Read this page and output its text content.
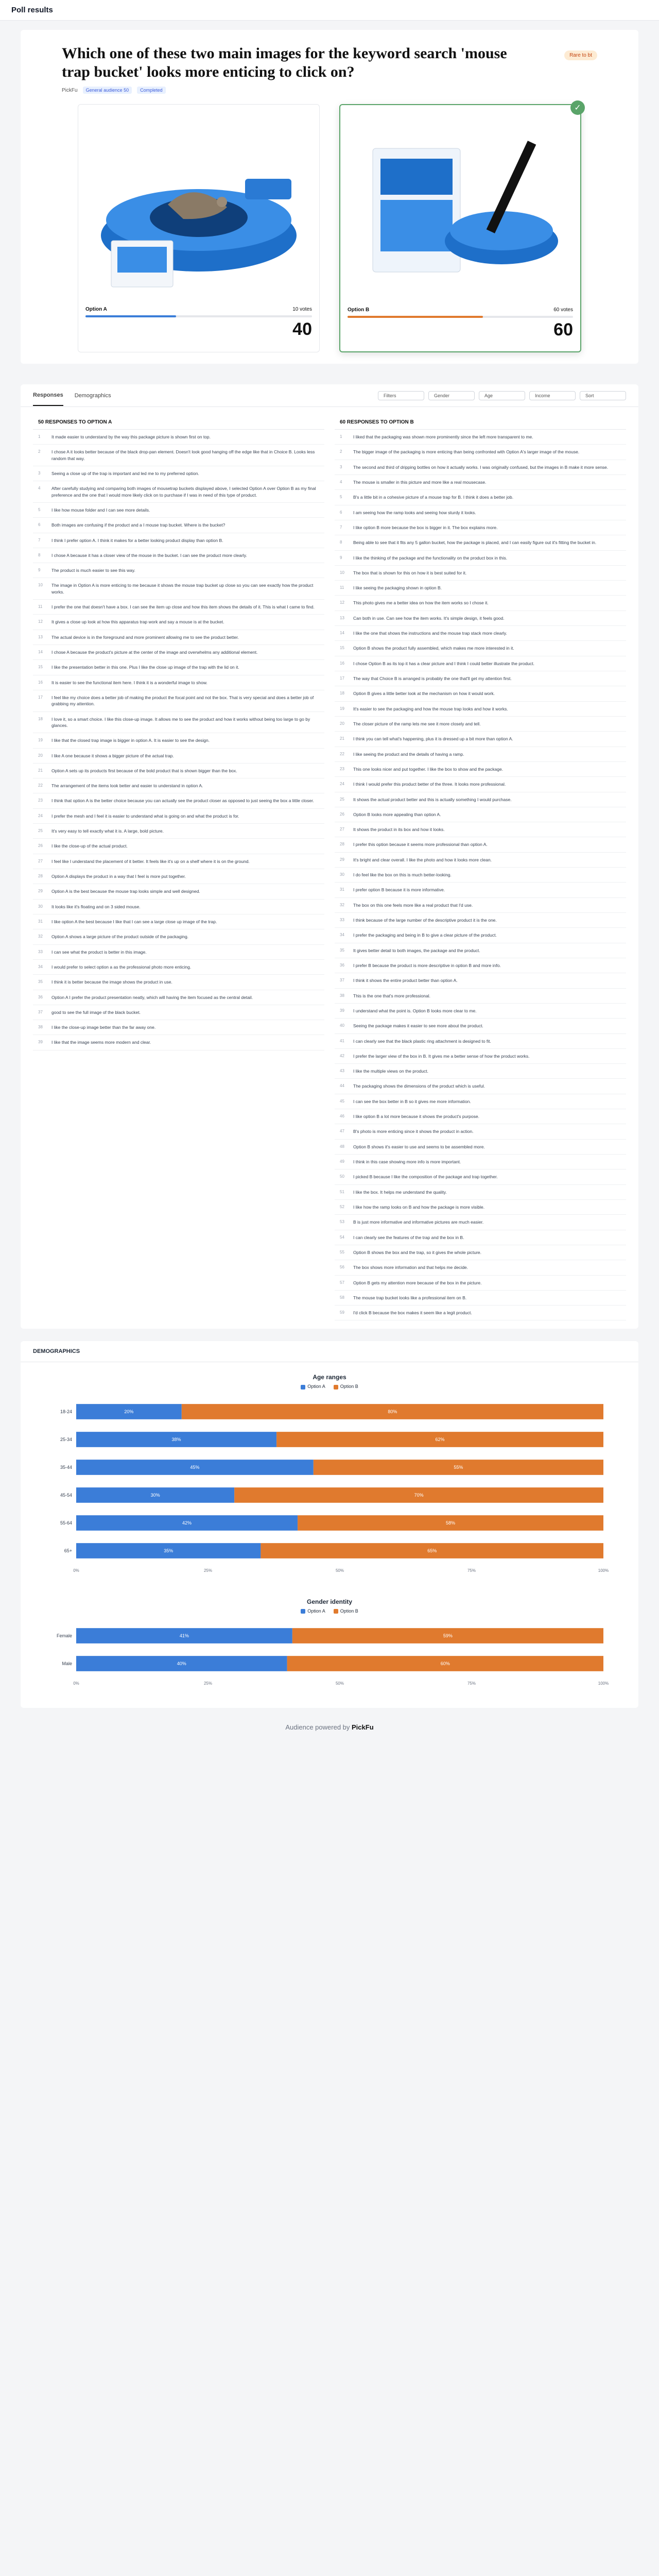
Poll results
Which one of these two main images for the keyword search 'mouse trap bucket' looks more enticing to click on?
Rare to bt
PickFu	General audience 50	Completed
Option A	10 votes
40
✓
Option B	60 votes
60
Responses Demographics	Filters	Gender	Age	Income	Sort
50 RESPONSES TO OPTION A
1	It made easier to understand by the way this package picture is shown first on top.
2	I chose A it looks better because of the black drop-pan element. Doesn't look good hanging off the edge like that in Choice B. Looks less random that way.
3	Seeing a close up of the trap is important and led me to my preferred option.
4	After carefully studying and comparing both images of mousetrap buckets displayed above, I selected Option A over Option B as my final preference and the one that I would more likely click on to purchase if I was in need of this type of product.
5	I like how mouse folder and I can see more details.
6	Both images are confusing if the product and a I mouse trap bucket. Where is the bucket?
7	I think I prefer option A. I think it makes for a better looking product display than option B.
8	I chose A because it has a closer view of the mouse in the bucket. I can see the product more clearly.
9	The product is much easier to see this way.
10	The image in Option A is more enticing to me because it shows the mouse trap bucket up close so you can see exactly how the product works.
11	I prefer the one that doesn't have a box. I can see the item up close and how this item shows the details of it. This is what I came to find.
12	It gives a close up look at how this apparatus trap work and say a mouse is at the bucket.
13	The actual device is in the foreground and more prominent allowing me to see the product better.
14	I chose A because the product's picture at the center of the image and overwhelms any additional element.
15	I like the presentation better in this one. Plus I like the close up image of the trap with the lid on it.
16	It is easier to see the functional item here. I think it is a wonderful image to show.
17	I feel like my choice does a better job of making the product the focal point and not the box. That is very special and does a better job of grabbing my attention.
18	I love it, so a smart choice. I like this close-up image. It allows me to see the product and how it works without being too large to go by glances.
19	I like that the closed trap image is bigger in option A. It is easier to see the design.
20	I like A one because it shows a bigger picture of the actual trap.
21	Option A sets up its products first because of the bold product that is shown bigger than the box.
22	The arrangement of the items look better and easier to understand in option A.
23	I think that option A is the better choice because you can actually see the product closer as opposed to just seeing the box a little closer.
24	I prefer the mesh and I feel it is easier to understand what is going on and what the product is for.
25	It's very easy to tell exactly what it is. A large, bold picture.
26	I like the close-up of the actual product.
27	I feel like I understand the placement of it better. It feels like it's up on a shelf where it is on the ground.
28	Option A displays the product in a way that I feel is more put together.
29	Option A is the best because the mouse trap looks simple and well designed.
30	It looks like it's floating and on 3 sided mouse.
31	I like option A the best because I like that I can see a large close up image of the trap.
32	Option A shows a large picture of the product outside of the packaging.
33	I can see what the product is better in this image.
34	I would prefer to select option a as the professional photo more enticing.
35	I think it is better because the image shows the product in use.
36	Option A I prefer the product presentation neatly, which will having the item focused as the central detail.
37	good to see the full image of the black bucket.
38	I like the close-up image better than the far away one.
39	I like that the image seems more modern and clear.
60 RESPONSES TO OPTION B
1	I liked that the packaging was shown more prominently since the left more transparent to me.
2	The bigger image of the packaging is more enticing than being confronted with Option A's larger image of the mouse.
3	The second and third of dripping bottles on how it actually works. I was originally confused, but the images in B make it more sense.
4	The mouse is smaller in this picture and more like a real mousecase.
5	B's a little bit in a cohesive picture of a mouse trap for B. I think it does a better job.
6	I am seeing how the ramp looks and seeing how sturdy it looks.
7	I like option B more because the box is bigger in it. The box explains more.
8	Being able to see that it fits any 5 gallon bucket, how the package is placed, and I can easily figure out it's fitting the bucket in.
9	I like the thinking of the package and the functionality on the product box in this.
10	The box that is shown for this on how it is best suited for it.
11	I like seeing the packaging shown in option B.
12	This photo gives me a better idea on how the item works so I chose it.
13	Can both in use. Can see how the item works. It's simple design, it feels good.
14	I like the one that shows the instructions and the mouse trap stack more clearly.
15	Option B shows the product fully assembled, which makes me more interested in it.
16	I chose Option B as its top it has a clear picture and I think I could better illustrate the product.
17	The way that Choice B is arranged is probably the one that'll get my attention first.
18	Option B gives a little better look at the mechanism on how it would work.
19	It's easier to see the packaging and how the mouse trap looks and how it works.
20	The closer picture of the ramp lets me see it more closely and tell.
21	I think you can tell what's happening, plus it is dressed up a bit more than option A.
22	I like seeing the product and the details of having a ramp.
23	This one looks nicer and put together. I like the box to show and the package.
24	I think I would prefer this product better of the three. It looks more professional.
25	It shows the actual product better and this is actually something I would purchase.
26	Option B looks more appealing than option A.
27	It shows the product in its box and how it looks.
28	I prefer this option because it seems more professional than option A.
29	It's bright and clear overall. I like the photo and how it looks more clean.
30	I do feel like the box on this is much better-looking.
31	I prefer option B because it is more informative.
32	The box on this one feels more like a real product that I'd use.
33	I think because of the large number of the descriptive product it is the one.
34	I prefer the packaging and being in B to give a clear picture of the product.
35	It gives better detail to both images, the package and the product.
36	I prefer B because the product is more descriptive in option B and more info.
37	I think it shows the entire product better than option A.
38	This is the one that's more professional.
39	I understand what the point is. Option B looks more clear to me.
40	Seeing the package makes it easier to see more about the product.
41	I can clearly see that the black plastic ring attachment is designed to fit.
42	I prefer the larger view of the box in B. It gives me a better sense of how the product works.
43	I like the multiple views on the product.
44	The packaging shows the dimensions of the product which is useful.
45	I can see the box better in B so it gives me more information.
46	I like option B a lot more because it shows the product's purpose.
47	B's photo is more enticing since it shows the product in action.
48	Option B shows it's easier to use and seems to be assembled more.
49	I think in this case showing more info is more important.
50	I picked B because I like the composition of the package and trap together.
51	I like the box. It helps me understand the quality.
52	I like how the ramp looks on B and how the package is more visible.
53	B is just more informative and informative pictures are much easier.
54	I can clearly see the features of the trap and the box in B.
55	Option B shows the box and the trap, so it gives the whole picture.
56	The box shows more information and that helps me decide.
57	Option B gets my attention more because of the box in the picture.
58	The mouse trap bucket looks like a professional item on B.
59	I'd click B because the box makes it seem like a legit product.
DEMOGRAPHICS
Age ranges
Option A	Option B
18-24	20%	80%
25-34	38%	62%
35-44	45%	55%
45-54	30%	70%
55-64	42%	58%
65+	35%	65%
0%	25%	50%	75%	100%
Gender identity
Option A	Option B
Female	41%	59%
Male	40%	60%
0%	25%	50%	75%	100%
Audience powered by PickFu
